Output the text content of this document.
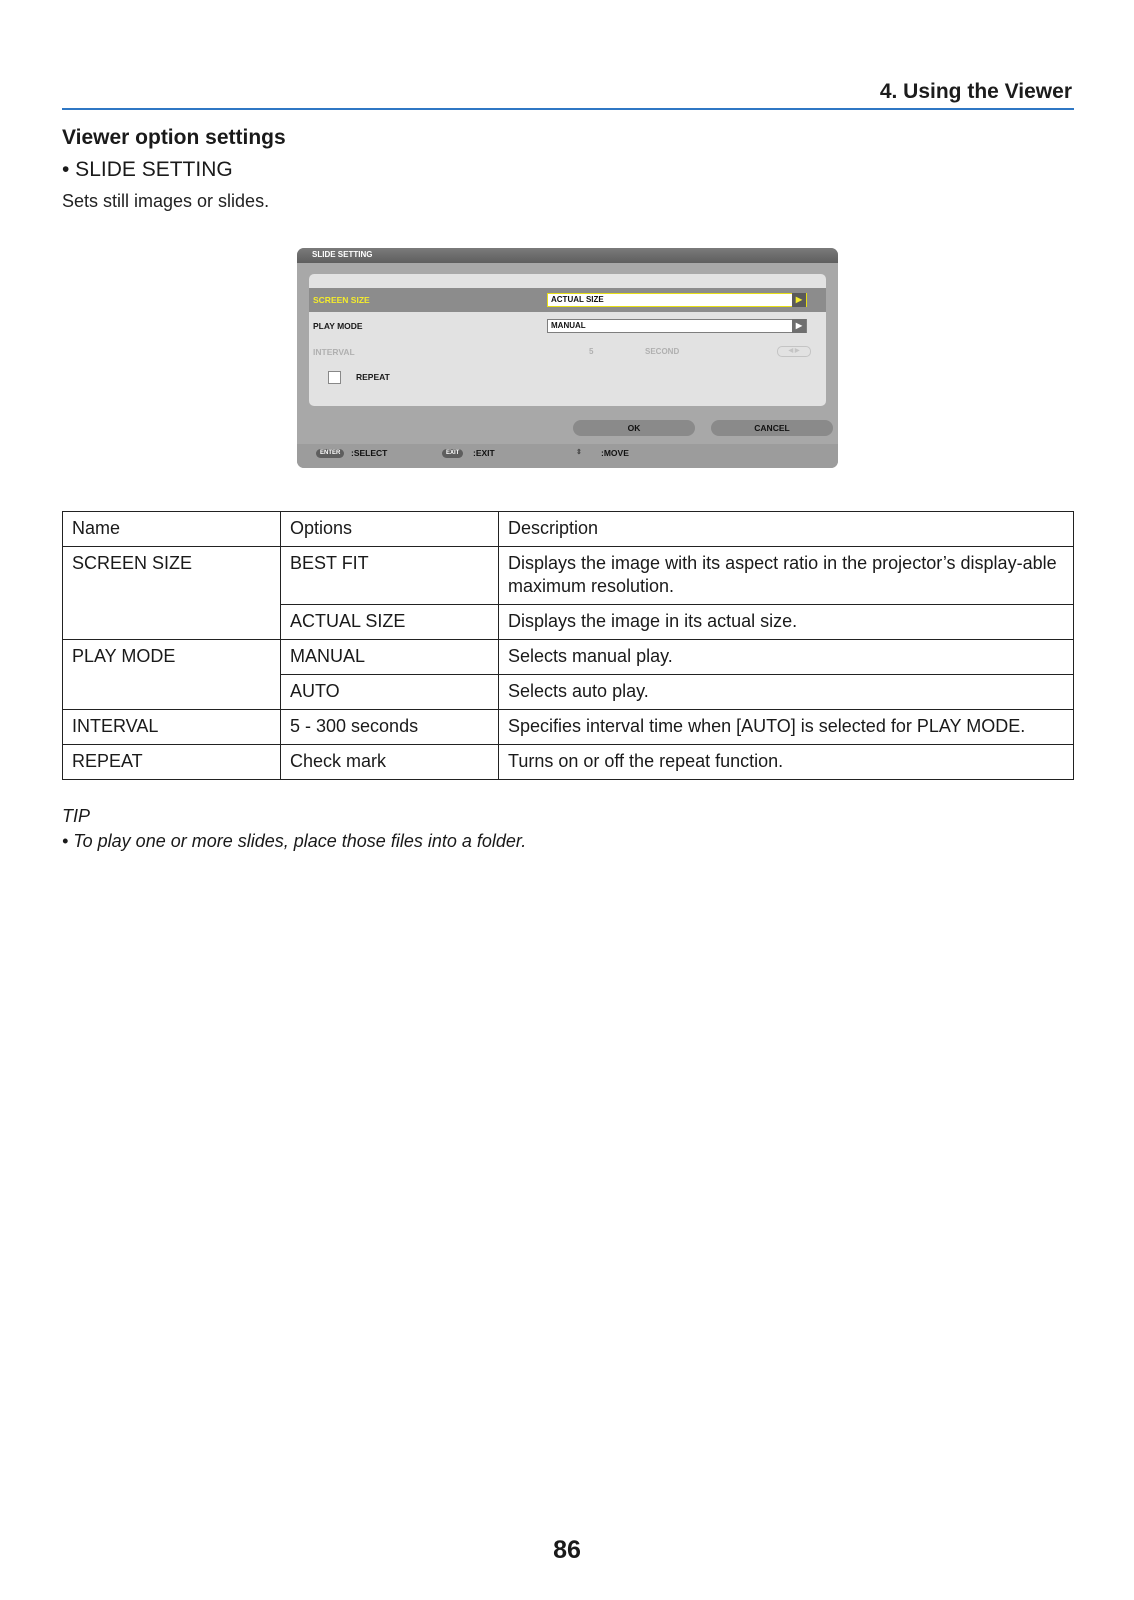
4. Using the Viewer
Viewer option settings
• SLIDE SETTING
Sets still images or slides.
SLIDE SETTING
SCREEN SIZE	ACTUAL SIZE	▶
PLAY MODE	MANUAL	▶
INTERVAL	5	SECOND	◀ ▶
REPEAT
OK	CANCEL
ENTER	:SELECT	EXIT	:EXIT	⇕ :MOVE
Name	Options	Description
SCREEN SIZE	BEST FIT	Displays the image with its aspect ratio in the projector’s display-able maximum resolution.
	ACTUAL SIZE	Displays the image in its actual size.
PLAY MODE	MANUAL	Selects manual play.
	AUTO	Selects auto play.
INTERVAL	5 - 300 seconds	Specifies interval time when [AUTO] is selected for PLAY MODE.
REPEAT	Check mark	Turns on or off the repeat function.
TIP
• To play one or more slides, place those files into a folder.
86
